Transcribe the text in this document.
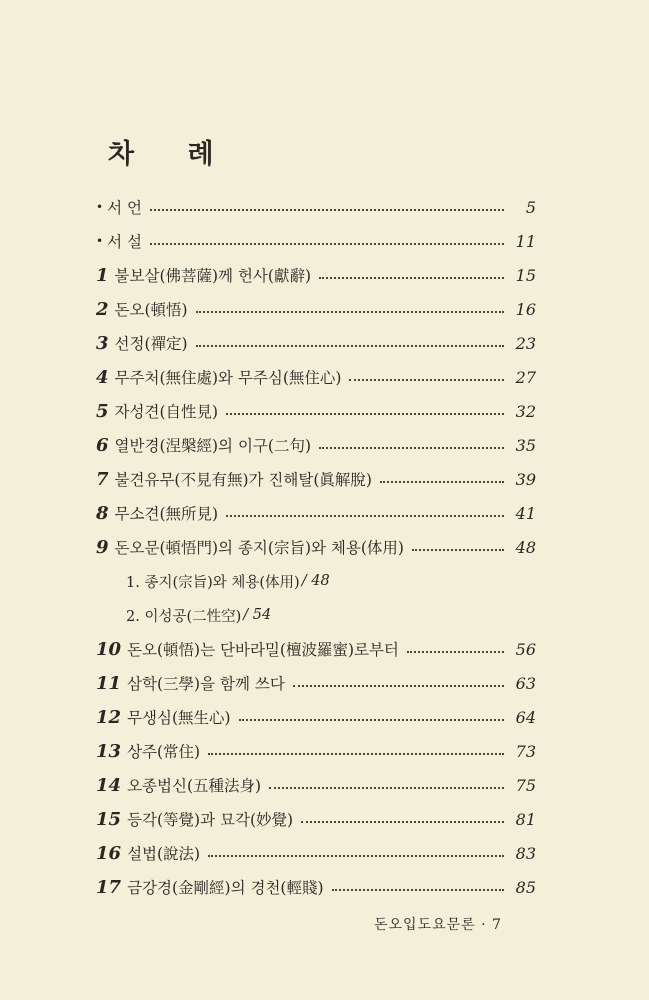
차 례
• 서 언	5
• 서 설	11
1 불보살(佛菩薩)께 헌사(獻辭)	15
2 돈오(頓悟)	16
3 선정(禪定)	23
4 무주처(無住處)와 무주심(無住心)	27
5 자성견(自性見)	32
6 열반경(涅槃經)의 이구(二句)	35
7 불견유무(不見有無)가 진해탈(眞解脫)	39
8 무소견(無所見)	41
9 돈오문(頓悟門)의 종지(宗旨)와 체용(体用)	48
1. 종지(宗旨)와 체용(体用) / 48
2. 이성공(二性空) / 54
10 돈오(頓悟)는 단바라밀(檀波羅蜜)로부터	56
11 삼학(三學)을 함께 쓰다	63
12 무생심(無生心)	64
13 상주(常住)	73
14 오종법신(五種法身)	75
15 등각(等覺)과 묘각(妙覺)	81
16 설법(說法)	83
17 금강경(金剛經)의 경천(輕賤)	85
돈오입도요문론 · 7
